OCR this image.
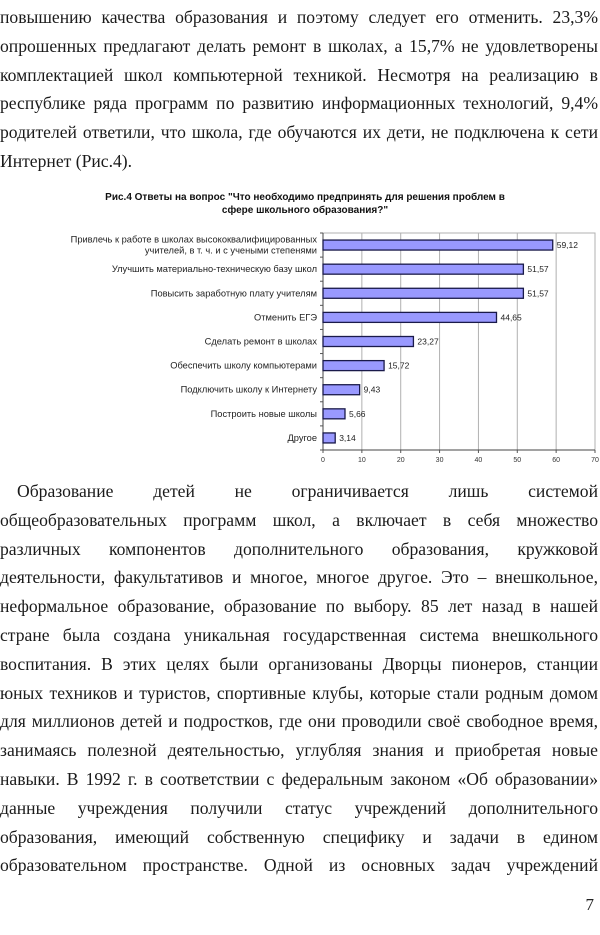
повышению качества образования и поэтому следует его отменить. 23,3%
опрошенных предлагают делать ремонт в школах, а 15,7% не удовлетворены
комплектацией школ компьютерной техникой. Несмотря на реализацию в
республике ряда программ по развитию информационных технологий, 9,4%
родителей ответили, что школа, где обучаются их дети, не подключена к сети
Интернет (Рис.4).
Рис.4 Ответы на вопрос "Что необходимо предпринять для решения проблем в
сфере школьного образования?"
Привлечь к работе в школах высококвалифицированных
учителей, в т. ч. и с учеными степенями
Улучшить материально-техническую базу школ
Повысить заработную плату учителям
Отменить ЕГЭ
Сделать ремонт в школах
Обеспечить школу компьютерами
Подключить школу к Интернету
Построить новые школы
Другое
59,12
51,57
51,57
44,65
23,27
15,72
9,43
5,66
3,14
0	10	20	30	40	50	60	70
Образование детей не ограничивается лишь системой
общеобразовательных программ школ, а включает в себя множество
различных компонентов дополнительного образования, кружковой
деятельности, факультативов и многое, многое другое. Это – внешкольное,
неформальное образование, образование по выбору. 85 лет назад в нашей
стране была создана уникальная государственная система внешкольного
воспитания. В этих целях были организованы Дворцы пионеров, станции
юных техников и туристов, спортивные клубы, которые стали родным домом
для миллионов детей и подростков, где они проводили своё свободное время,
занимаясь полезной деятельностью, углубляя знания и приобретая новые
навыки. В 1992 г. в соответствии с федеральным законом «Об образовании»
данные учреждения получили статус учреждений дополнительного
образования, имеющий собственную специфику и задачи в едином
образовательном пространстве. Одной из основных задач учреждений
7
